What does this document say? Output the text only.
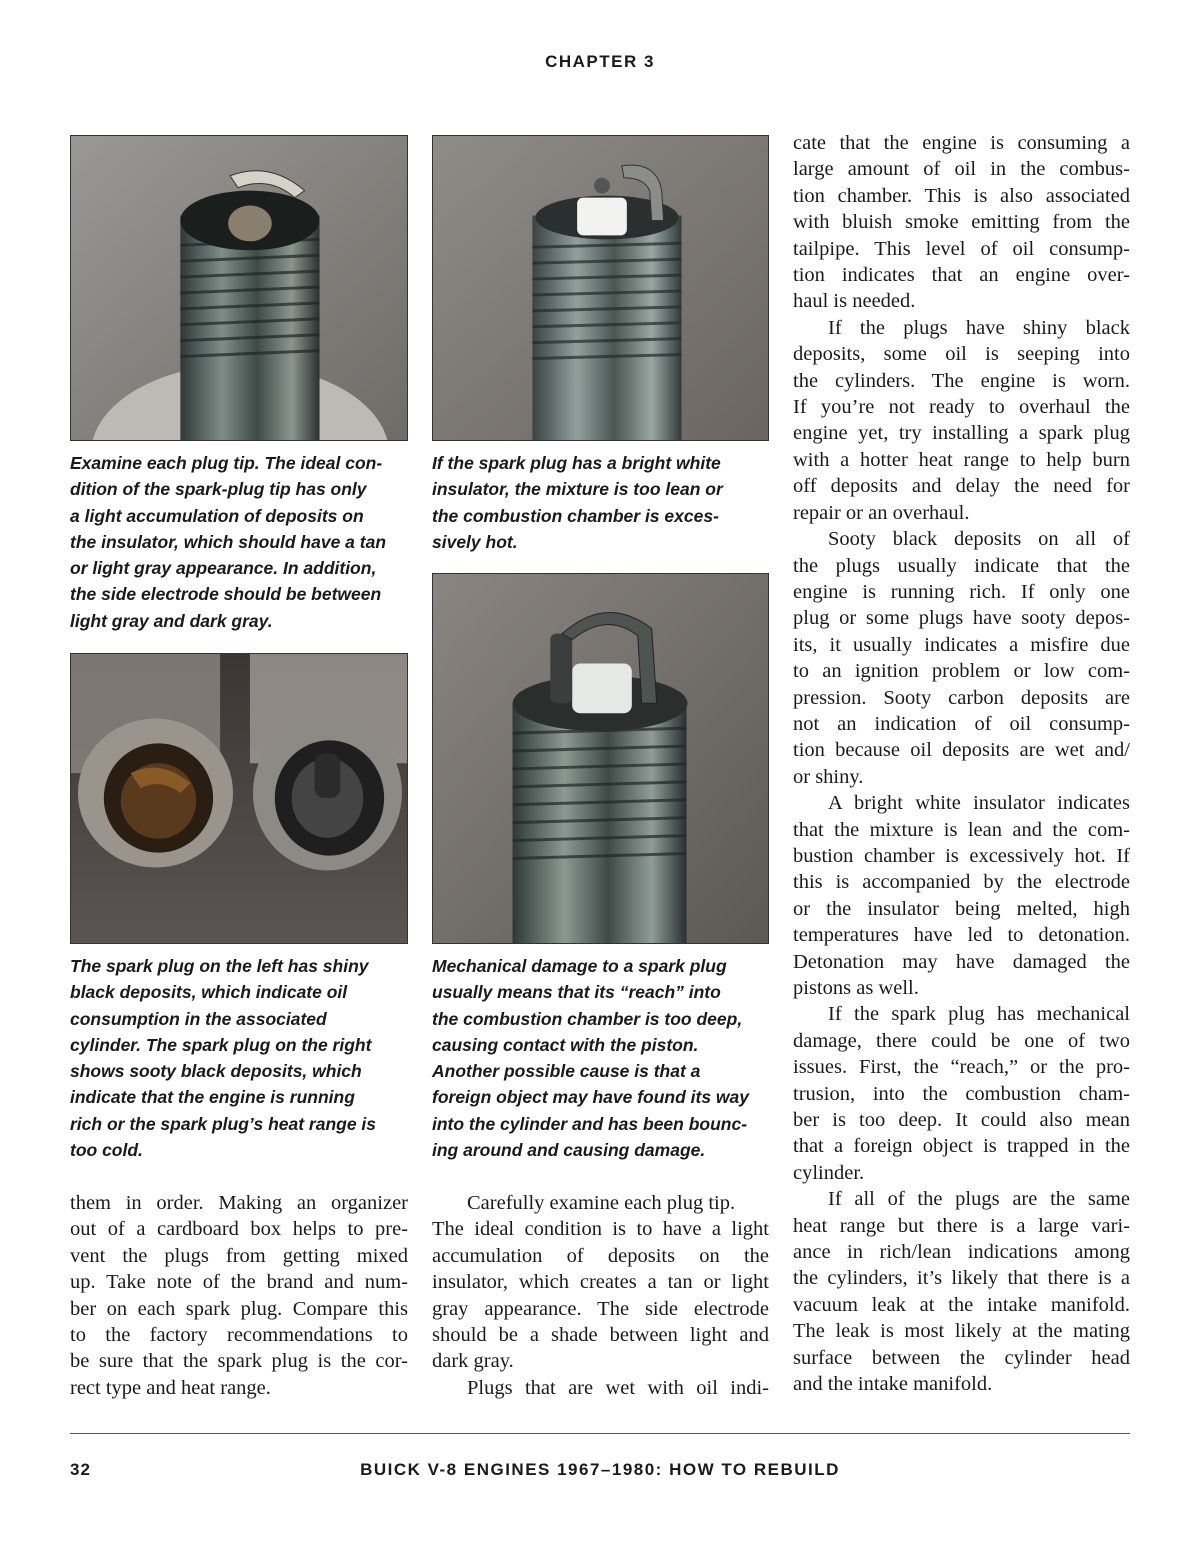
CHAPTER 3
Examine each plug tip. The ideal con-
dition of the spark-plug tip has only
a light accumulation of deposits on
the insulator, which should have a tan
or light gray appearance. In addition,
the side electrode should be between
light gray and dark gray.
If the spark plug has a bright white
insulator, the mixture is too lean or
the combustion chamber is exces-
sively hot.
The spark plug on the left has shiny
black deposits, which indicate oil
consumption in the associated
cylinder. The spark plug on the right
shows sooty black deposits, which
indicate that the engine is running
rich or the spark plug’s heat range is
too cold.
Mechanical damage to a spark plug
usually means that its “reach” into
the combustion chamber is too deep,
causing contact with the piston.
Another possible cause is that a
foreign object may have found its way
into the cylinder and has been bounc-
ing around and causing damage.
them in order. Making an organizer
out of a cardboard box helps to pre-
vent the plugs from getting mixed
up. Take note of the brand and num-
ber on each spark plug. Compare this
to the factory recommendations to
be sure that the spark plug is the cor-
rect type and heat range.
Carefully examine each plug tip.
The ideal condition is to have a light
accumulation of deposits on the
insulator, which creates a tan or light
gray appearance. The side electrode
should be a shade between light and
dark gray.
Plugs that are wet with oil indi-
cate that the engine is consuming a
large amount of oil in the combus-
tion chamber. This is also associated
with bluish smoke emitting from the
tailpipe. This level of oil consump-
tion indicates that an engine over-
haul is needed.
If the plugs have shiny black
deposits, some oil is seeping into
the cylinders. The engine is worn.
If you’re not ready to overhaul the
engine yet, try installing a spark plug
with a hotter heat range to help burn
off deposits and delay the need for
repair or an overhaul.
Sooty black deposits on all of
the plugs usually indicate that the
engine is running rich. If only one
plug or some plugs have sooty depos-
its, it usually indicates a misfire due
to an ignition problem or low com-
pression. Sooty carbon deposits are
not an indication of oil consump-
tion because oil deposits are wet and/
or shiny.
A bright white insulator indicates
that the mixture is lean and the com-
bustion chamber is excessively hot. If
this is accompanied by the electrode
or the insulator being melted, high
temperatures have led to detonation.
Detonation may have damaged the
pistons as well.
If the spark plug has mechanical
damage, there could be one of two
issues. First, the “reach,” or the pro-
trusion, into the combustion cham-
ber is too deep. It could also mean
that a foreign object is trapped in the
cylinder.
If all of the plugs are the same
heat range but there is a large vari-
ance in rich/lean indications among
the cylinders, it’s likely that there is a
vacuum leak at the intake manifold.
The leak is most likely at the mating
surface between the cylinder head
and the intake manifold.
32	BUICK V-8 ENGINES 1967–1980: HOW TO REBUILD
